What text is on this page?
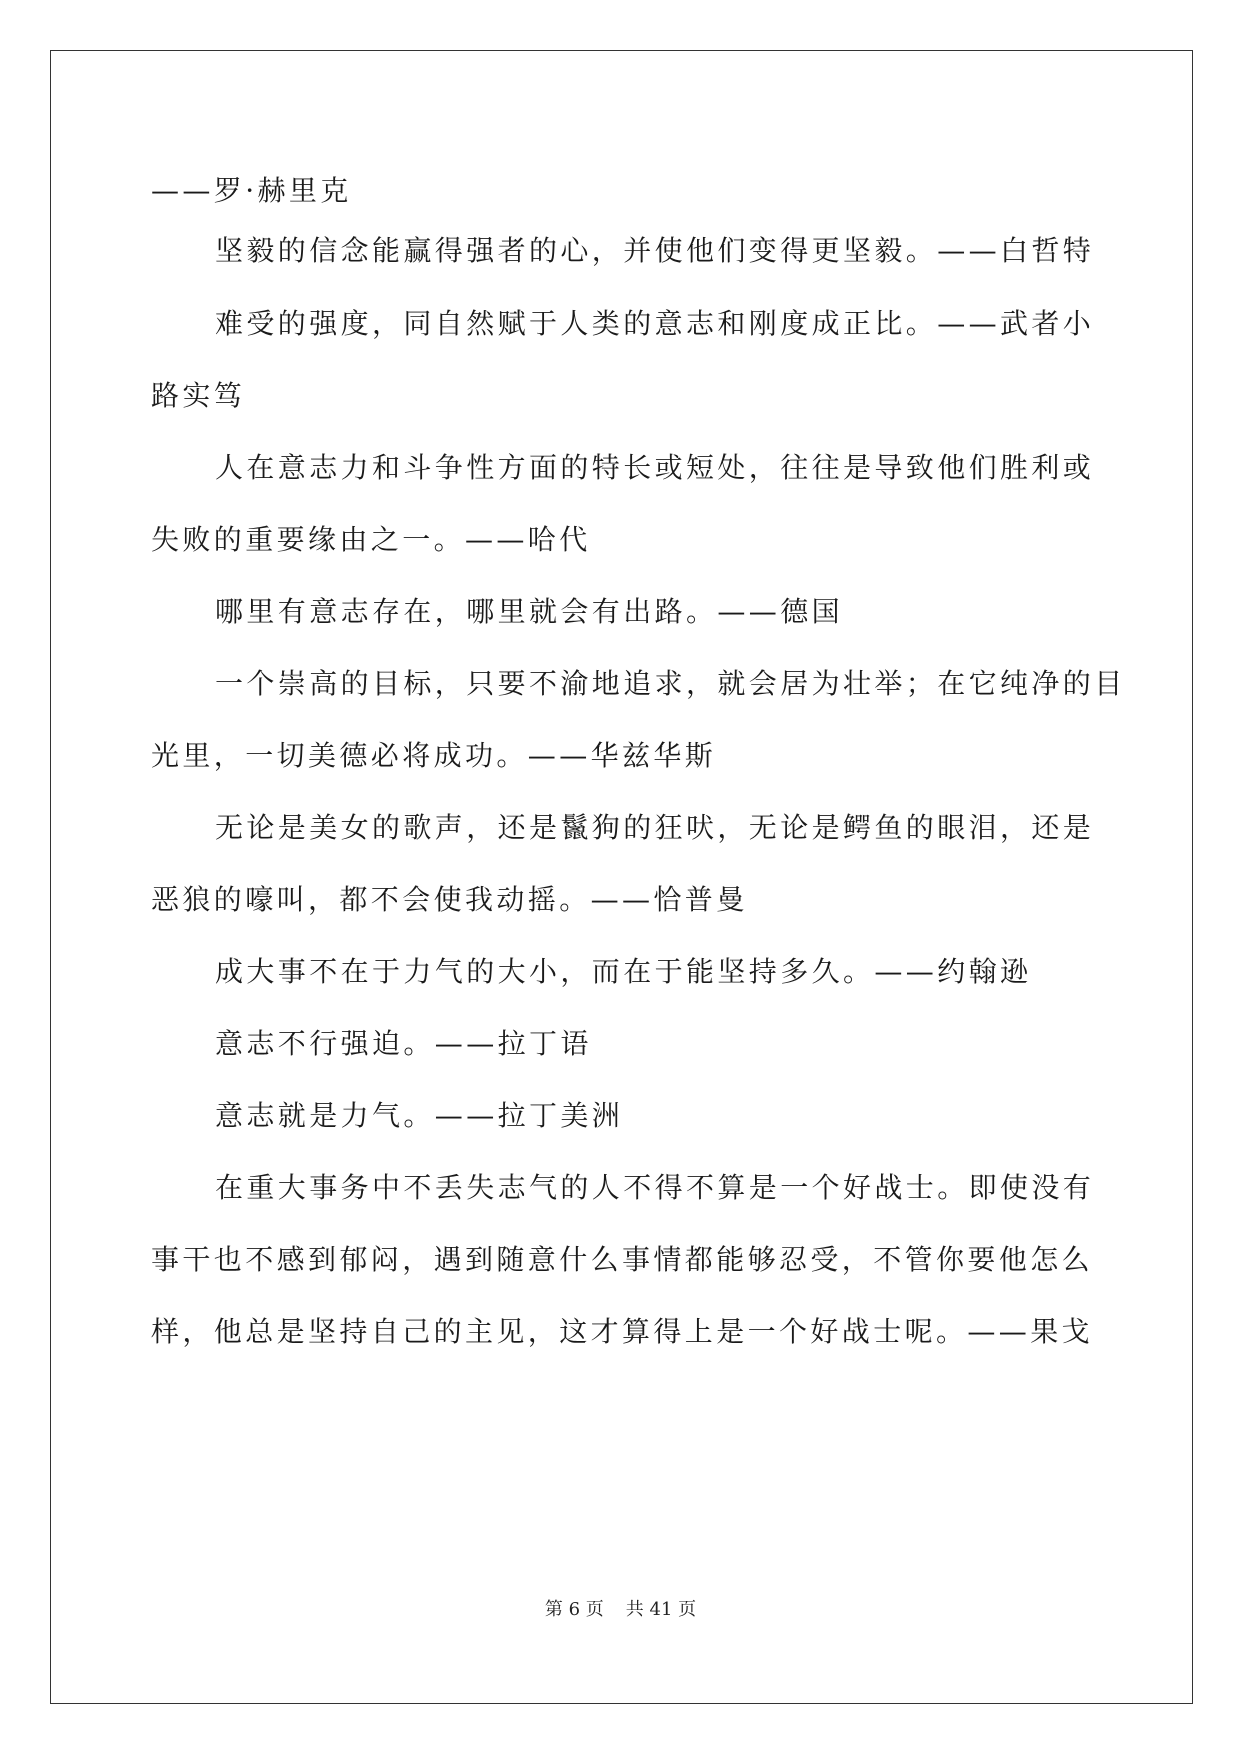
——罗·赫里克
坚毅的信念能赢得强者的心，并使他们变得更坚毅。——白哲特
难受的强度，同自然赋于人类的意志和刚度成正比。——武者小
路实笃
人在意志力和斗争性方面的特长或短处，往往是导致他们胜利或
失败的重要缘由之一。——哈代
哪里有意志存在，哪里就会有出路。——德国
一个崇高的目标，只要不渝地追求，就会居为壮举；在它纯净的目
光里，一切美德必将成功。——华兹华斯
无论是美女的歌声，还是鬣狗的狂吠，无论是鳄鱼的眼泪，还是
恶狼的嚎叫，都不会使我动摇。——恰普曼
成大事不在于力气的大小，而在于能坚持多久。——约翰逊
意志不行强迫。——拉丁语
意志就是力气。——拉丁美洲
在重大事务中不丢失志气的人不得不算是一个好战士。即使没有
事干也不感到郁闷，遇到随意什么事情都能够忍受，不管你要他怎么
样，他总是坚持自己的主见，这才算得上是一个好战士呢。——果戈
第 6 页 共 41 页
